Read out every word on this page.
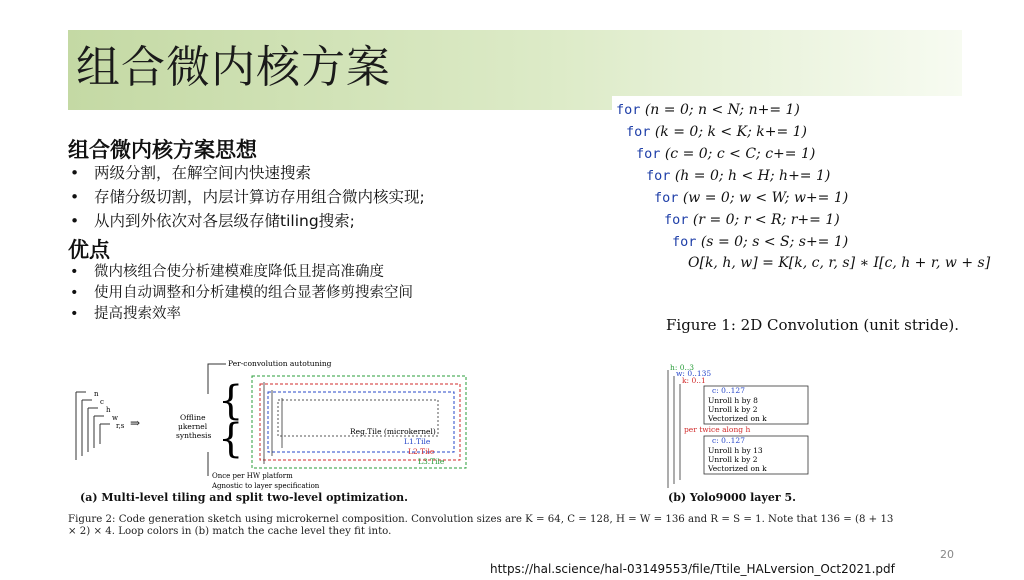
组合微内核方案
组合微内核方案思想
• 两级分割，在解空间内快速搜索
• 存储分级切割，内层计算访存用组合微内核实现;
• 从内到外依次对各层级存储tiling搜索;
优点
• 微内核组合使分析建模难度降低且提高准确度
• 使用自动调整和分析建模的组合显著修剪搜索空间
• 提高搜索效率
for (n = 0; n < N; n+= 1)
for (k = 0; k < K; k+= 1)
for (c = 0; c < C; c+= 1)
for (h = 0; h < H; h+= 1)
for (w = 0; w < W; w+= 1)
for (r = 0; r < R; r+= 1)
for (s = 0; s < S; s+= 1)
O[k, h, w] = K[k, c, r, s] ∗ I[c, h + r, w + s]
Figure 1: 2D Convolution (unit stride).
n
c
h
w
r,s ⇒	Offline
μkernel
synthesis
{
{
Per-convolution autotuning
Once per HW platform
Agnostic to layer specification
Reg.Tile (microkernel)
L1.Tile
L2.Tile
L3.Tile
(a) Multi-level tiling and split two-level optimization.
h: 0..3
w: 0..135
k: 0..1
c: 0..127
Unroll h by 8
Unroll k by 2
Vectorized on k
per twice along h
c: 0..127
Unroll h by 13
Unroll k by 2
Vectorized on k
(b) Yolo9000 layer 5.
Figure 2: Code generation sketch using microkernel composition. Convolution sizes are K = 64, C = 128, H = W = 136 and R = S = 1. Note that 136 = (8 + 13 × 2) × 4. Loop colors in (b) match the cache level they fit into.
20
https://hal.science/hal-03149553/file/Ttile_HALversion_Oct2021.pdf
